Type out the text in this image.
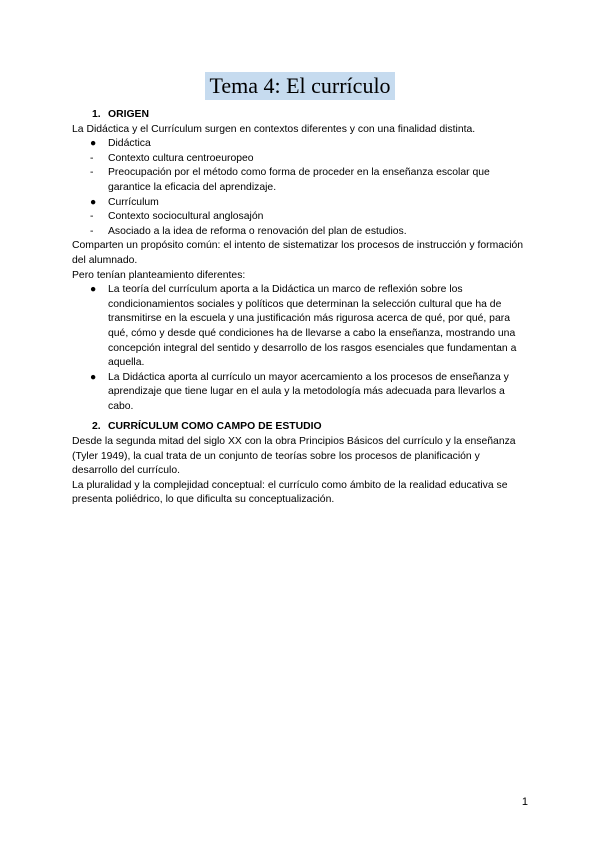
Tema 4: El currículo

1. ORIGEN

La Didáctica y el Currículum surgen en contextos diferentes y con una finalidad distinta.

● Didáctica

- Contexto cultura centroeuropeo

- Preocupación por el método como forma de proceder en la enseñanza escolar que garantice la eficacia del aprendizaje.

● Currículum

- Contexto sociocultural anglosajón

- Asociado a la idea de reforma o renovación del plan de estudios.

Comparten un propósito común: el intento de sistematizar los procesos de instrucción y formación del alumnado.

Pero tenían planteamiento diferentes:

● La teoría del currículum aporta a la Didáctica un marco de reflexión sobre los condicionamientos sociales y políticos que determinan la selección cultural que ha de transmitirse en la escuela y una justificación más rigurosa acerca de qué, por qué, para qué, cómo y desde qué condiciones ha de llevarse a cabo la enseñanza, mostrando una concepción integral del sentido y desarrollo de los rasgos esenciales que fundamentan a aquella.

● La Didáctica aporta al currículo un mayor acercamiento a los procesos de enseñanza y aprendizaje que tiene lugar en el aula y la metodología más adecuada para llevarlos a cabo.

2. CURRÍCULUM COMO CAMPO DE ESTUDIO

Desde la segunda mitad del siglo XX con la obra Principios Básicos del currículo y la enseñanza (Tyler 1949), la cual trata de un conjunto de teorías sobre los procesos de planificación y desarrollo del currículo.

La pluralidad y la complejidad conceptual: el currículo como ámbito de la realidad educativa se presenta poliédrico, lo que dificulta su conceptualización.

1
